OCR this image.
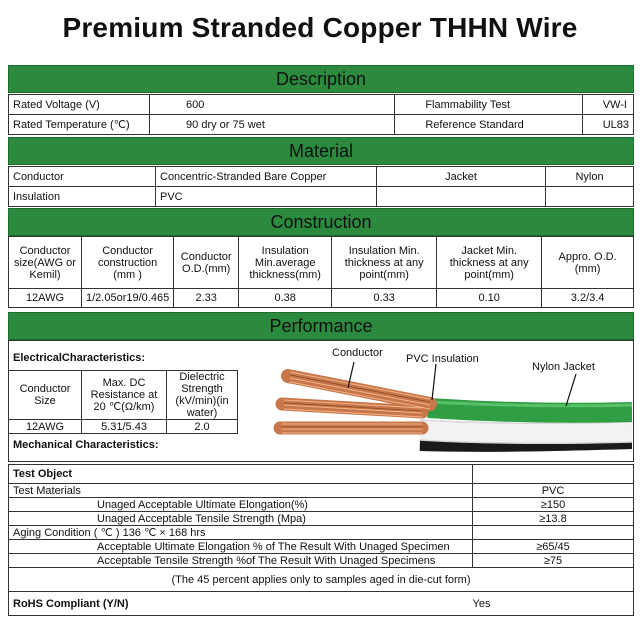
Premium Stranded Copper THHN Wire
Description
Rated Voltage (V)	600	Flammability Test	VW-I
Rated Temperature (℃)	90 dry or 75 wet	Reference Standard	UL83
Material
Conductor	Concentric-Stranded Bare Copper	Jacket	Nylon
Insulation	PVC		
Construction
Conductor size(AWG or Kemil)	Conductor construction (mm )	Conductor O.D.(mm)	Insulation Min.average thickness(mm)	Insulation Min. thickness at any point(mm)	Jacket Min. thickness at any point(mm)	Appro. O.D. (mm)
12AWG	1/2.05or19/0.465	2.33	0.38	0.33	0.10	3.2/3.4
Performance
ElectricalCharacteristics:
Conductor Size	Max. DC Resistance at 20 ℃(Ω/km)	Dielectric Strength (kV/min)(in water)
12AWG	5.31/5.43	2.0
Mechanical Characteristics:
Conductor PVC Insulation
Nylon Jacket
Test Object	
Test Materials	PVC
Unaged Acceptable Ultimate Elongation(%)	≥150
Unaged Acceptable Tensile Strength (Mpa)	≥13.8
Aging Condition ( ℃ ) 136 ℃ × 168 hrs	
Acceptable Ultimate Elongation % of The Result With Unaged Specimen	≥65/45
Acceptable Tensile Strength %of The Result With Unaged Specimens	≥75
(The 45 percent applies only to samples aged in die-cut form)	
RoHS Compliant (Y/N)	Yes
